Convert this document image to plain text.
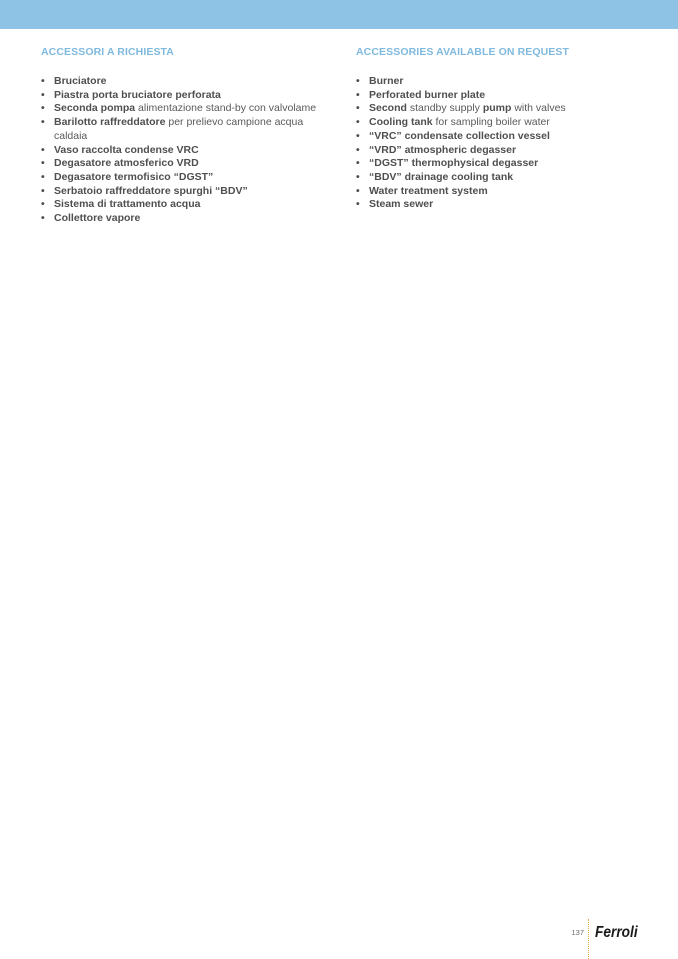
ACCESSORI A RICHIESTA
• Bruciatore
• Piastra porta bruciatore perforata
• Seconda pompa alimentazione stand-by con valvolame
• Barilotto raffreddatore per prelievo campione acqua caldaia
• Vaso raccolta condense VRC
• Degasatore atmosferico VRD
• Degasatore termofisico “DGST”
• Serbatoio raffreddatore spurghi “BDV”
• Sistema di trattamento acqua
• Collettore vapore
ACCESSORIES AVAILABLE ON REQUEST
• Burner
• Perforated burner plate
• Second standby supply pump with valves
• Cooling tank for sampling boiler water
• “VRC” condensate collection vessel
• “VRD” atmospheric degasser
• “DGST” thermophysical degasser
• “BDV” drainage cooling tank
• Water treatment system
• Steam sewer
137 Ferroli
